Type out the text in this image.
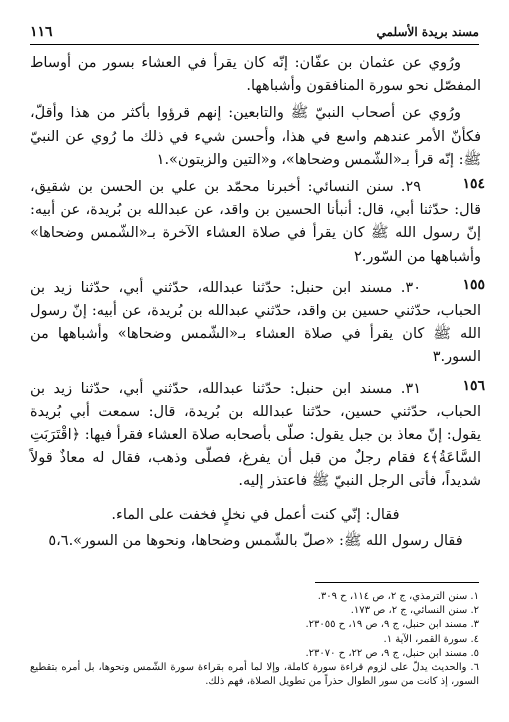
١١٦	مسند بريدة الأسلمي

ورُوي عن عثمان بن عفّان: إنّه كان يقرأ في العشاء بسور من أوساط المفصّل نحو سورة المنافقون وأشباهها.

ورُوي عن أصحاب النبيّ ﷺ والتابعين: إنهم قرؤوا بأكثر من هذا وأقلّ، فكأنّ الأمر عندهم واسع في هذا، وأحسن شيء في ذلك ما رُوي عن النبيّ ﷺ: إنّه قرأ بـ«الشّمس وضحاها»، و«التين والزيتون».١

١٥٤

٢٩. سنن النسائي: أخبرنا محمّد بن علي بن الحسن بن شقيق، قال: حدّثنا أبي، قال: أنبأنا الحسين بن واقد، عن عبدالله بن بُريدة، عن أبيه: إنّ رسول الله ﷺ كان يقرأ في صلاة العشاء الآخرة بـ«الشّمس وضحاها» وأشباهها من السّور.٢

١٥٥

٣٠. مسند ابن حنبل: حدّثنا عبدالله، حدّثني أبي، حدّثنا زيد بن الحباب، حدّثني حسين بن واقد، حدّثني عبدالله بن بُريدة، عن أبيه: إنّ رسول الله ﷺ كان يقرأ في صلاة العشاء بـ«الشّمس وضحاها» وأشباهها من السور.٣

١٥٦

٣١. مسند ابن حنبل: حدّثنا عبدالله، حدّثني أبي، حدّثنا زيد بن الحباب، حدّثني حسين، حدّثنا عبدالله بن بُريدة، قال: سمعت أبي بُريدة يقول: إنّ معاذ بن جبل يقول: صلّى بأصحابه صلاة العشاء فقرأ فيها: ﴿اقْتَرَبَتِ السَّاعَةُ﴾٤ فقام رجلٌ من قبل أن يفرغ، فصلّى وذهب، فقال له معاذٌ قولاً شديداً، فأتى الرجل النبيّ ﷺ فاعتذر إليه.

فقال: إنّي كنت أعمل في نخلٍ فخفت على الماء.

فقال رسول الله ﷺ: «صلّ بالشّمس وضحاها، ونحوها من السور».٥،٦

١. سنن الترمذي، ج ٢، ص ١١٤، ح ٣٠٩.

٢. سنن النسائي، ج ٢، ص ١٧٣.

٣. مسند ابن حنبل، ج ٩، ص ١٩، ح ٢٣٠٥٥.

٤. سورة القمر، الآية ١.

٥. مسند ابن حنبل، ج ٩، ص ٢٢، ح ٢٣٠٧٠.

٦. والحديث يدلّ على لزوم قراءة سورة كاملة، وإلا لما أمره بقراءة سورة الشّمس ونحوها، بل أمره بتقطيع السور، إذ كانت من سور الطوال حذراً من تطويل الصلاة، فهم ذلك.
